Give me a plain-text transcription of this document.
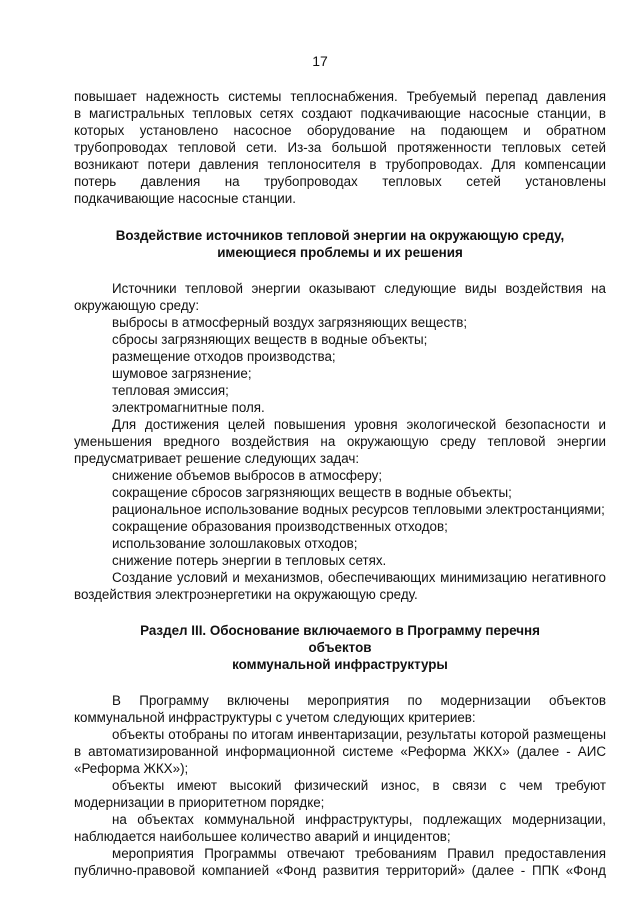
17

повышает надежность системы теплоснабжения. Требуемый перепад давления

в магистральных тепловых сетях создают подкачивающие насосные станции, в

которых установлено насосное оборудование на подающем и обратном

трубопроводах тепловой сети. Из-за большой протяженности тепловых сетей

возникают потери давления теплоносителя в трубопроводах. Для компенсации

потерь давления на трубопроводах тепловых сетей установлены

подкачивающие насосные станции.

Воздействие источников тепловой энергии на окружающую среду,
имеющиеся проблемы и их решения

Источники тепловой энергии оказывают следующие виды воздействия на окружающую среду:

выбросы в атмосферный воздух загрязняющих веществ;

сбросы загрязняющих веществ в водные объекты;

размещение отходов производства;

шумовое загрязнение;

тепловая эмиссия;

электромагнитные поля.

Для достижения целей повышения уровня экологической безопасности и уменьшения вредного воздействия на окружающую среду тепловой энергии предусматривает решение следующих задач:

снижение объемов выбросов в атмосферу;

сокращение сбросов загрязняющих веществ в водные объекты;

рациональное использование водных ресурсов тепловыми электростанциями;

сокращение образования производственных отходов;

использование золошлаковых отходов;

снижение потерь энергии в тепловых сетях.

Создание условий и механизмов, обеспечивающих минимизацию негативного воздействия электроэнергетики на окружающую среду.

Раздел III. Обоснование включаемого в Программу перечня объектов
коммунальной инфраструктуры

В Программу включены мероприятия по модернизации объектов коммунальной инфраструктуры с учетом следующих критериев:

объекты отобраны по итогам инвентаризации, результаты которой размещены в автоматизированной информационной системе «Реформа ЖКХ» (далее - АИС «Реформа ЖКХ»);

объекты имеют высокий физический износ, в связи с чем требуют модернизации в приоритетном порядке;

на объектах коммунальной инфраструктуры, подлежащих модернизации, наблюдается наибольшее количество аварий и инцидентов;

мероприятия Программы отвечают требованиям Правил предоставления публично-правовой компанией «Фонд развития территорий» (далее - ППК «Фонд
